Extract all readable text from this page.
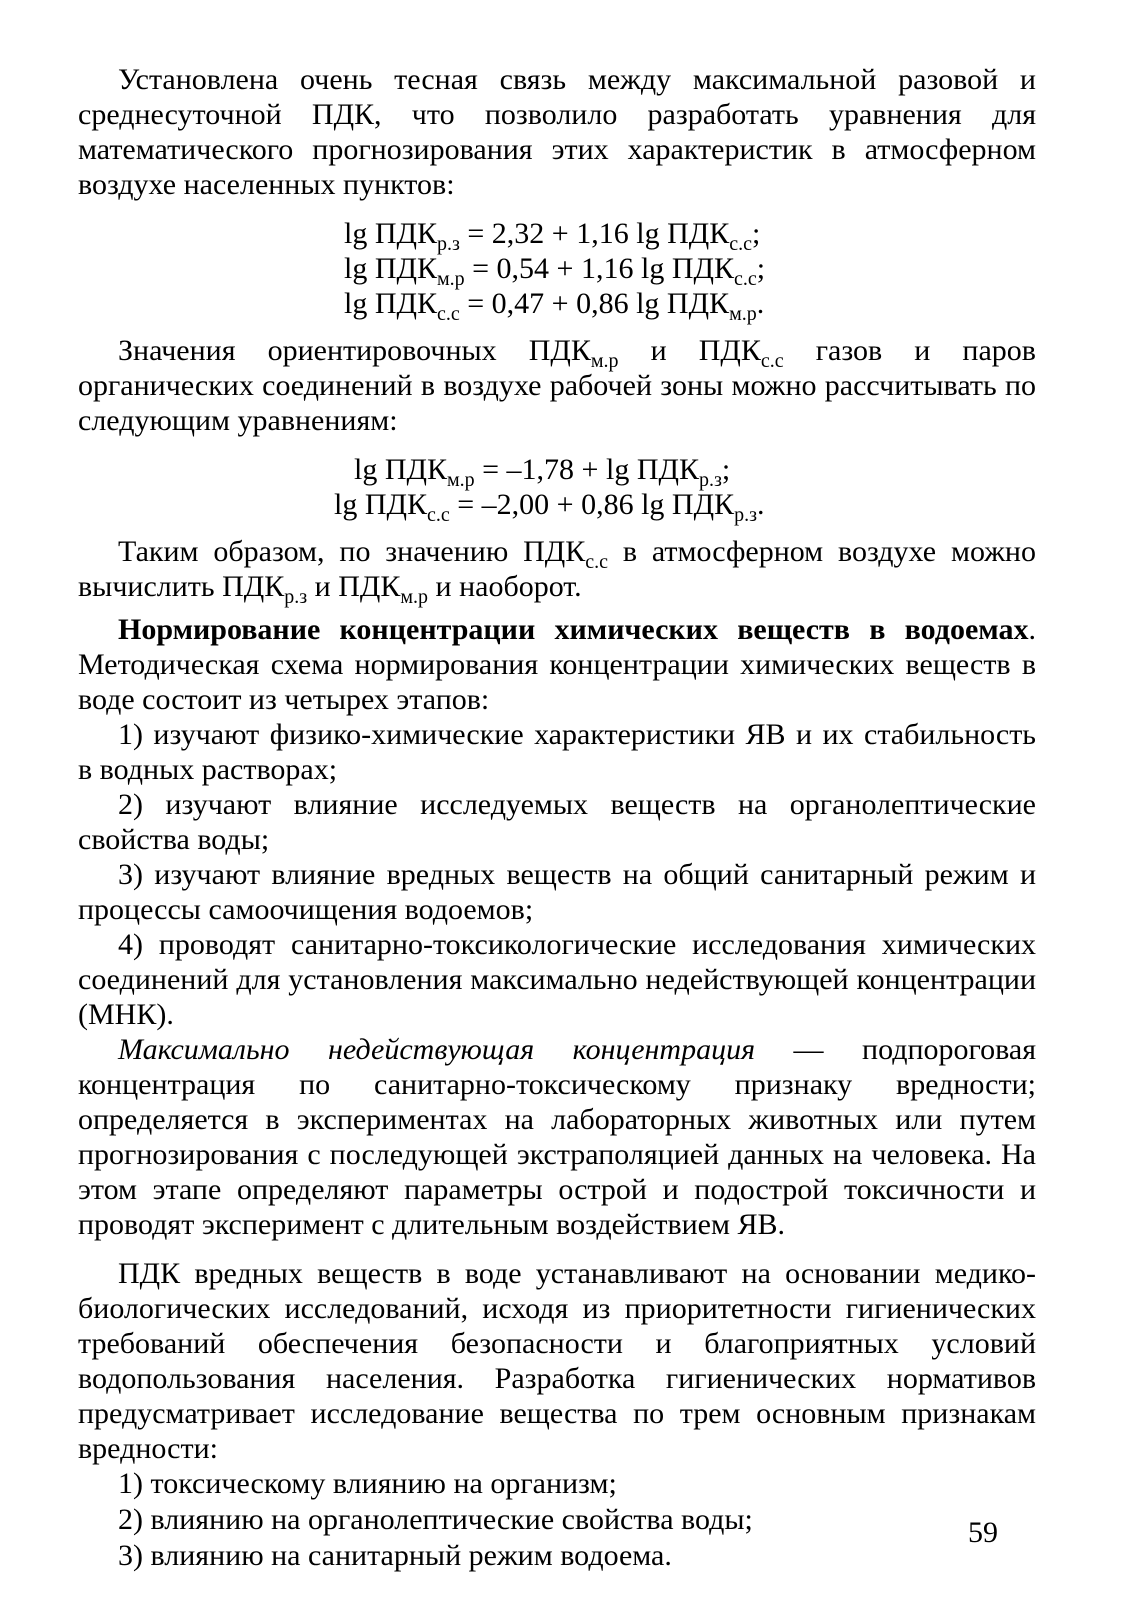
Установлена очень тесная связь между максимальной разовой и среднесуточной ПДК, что позволило разработать уравнения для математического прогнозирования этих характеристик в атмосферном воздухе населенных пунктов:

$\lg ПДК_{р.з} = 2,32 + 1,16$ $\lg ПДК_{с.с}$;
$\lg ПДК_{м.р} = 0,54 + 1,16$ $\lg ПДК_{с.с}$;
$\lg ПДК_{с.с} = 0,47 + 0,86$ $\lg ПДК_{м.р}$.

Значения ориентировочных $ПДК_{м.р}$ и $ПДК_{с.с}$ газов и паров органических соединений в воздухе рабочей зоны можно рассчитывать по следующим уравнениям:

$\lg ПДК_{м.р} = -1,78 + \lg ПДК_{р.з}$;
$\lg ПДК_{с.с} = -2,00 + 0,86$ $\lg ПДК_{р.з}$.

Таким образом, по значению $ПДК_{с.с}$ в атмосферном воздухе можно вычислить $ПДК_{р.з}$ и $ПДК_{м.р}$ и наоборот.

Нормирование концентрации химических веществ в водоемах. Методическая схема нормирования концентрации химических веществ в воде состоит из четырех этапов:

1) изучают физико-химические характеристики ЯВ и их стабильность в водных растворах;

2) изучают влияние исследуемых веществ на органолептические свойства воды;

3) изучают влияние вредных веществ на общий санитарный режим и процессы самоочищения водоемов;

4) проводят санитарно-токсикологические исследования химических соединений для установления максимально недействующей концентрации (МНК).

Максимально недействующая концентрация — подпороговая концентрация по санитарно-токсическому признаку вредности; определяется в экспериментах на лабораторных животных или путем прогнозирования с последующей экстраполяцией данных на человека. На этом этапе определяют параметры острой и подострой токсичности и проводят эксперимент с длительным воздействием ЯВ.

ПДК вредных веществ в воде устанавливают на основании медико-биологических исследований, исходя из приоритетности гигиенических требований обеспечения безопасности и благоприятных условий водопользования населения. Разработка гигиенических нормативов предусматривает исследование вещества по трем основным признакам вредности:

1) токсическому влиянию на организм;

2) влиянию на органолептические свойства воды;

3) влиянию на санитарный режим водоема.

59
